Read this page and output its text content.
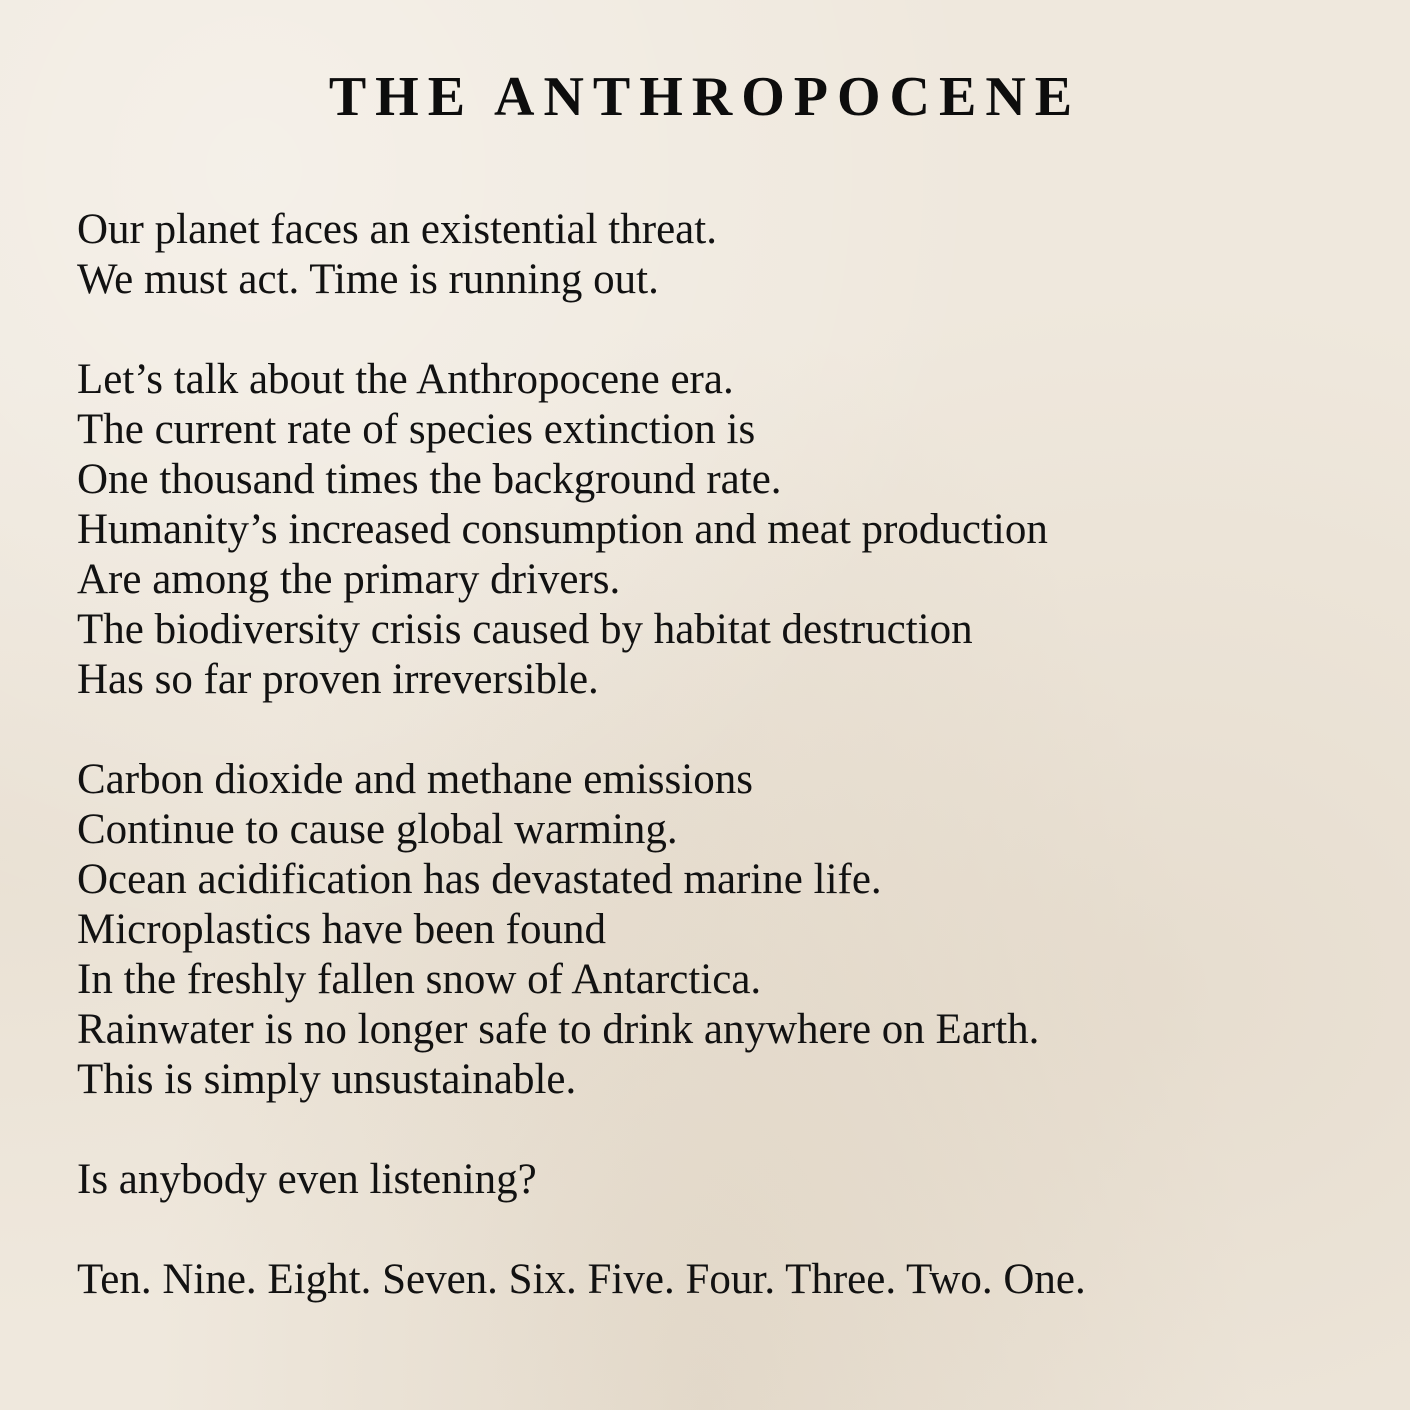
THE ANTHROPOCENE
Our planet faces an existential threat.
We must act. Time is running out.
Let’s talk about the Anthropocene era.
The current rate of species extinction is
One thousand times the background rate.
Humanity’s increased consumption and meat production
Are among the primary drivers.
The biodiversity crisis caused by habitat destruction
Has so far proven irreversible.
Carbon dioxide and methane emissions
Continue to cause global warming.
Ocean acidification has devastated marine life.
Microplastics have been found
In the freshly fallen snow of Antarctica.
Rainwater is no longer safe to drink anywhere on Earth.
This is simply unsustainable.
Is anybody even listening?
Ten. Nine. Eight. Seven. Six. Five. Four. Three. Two. One.
